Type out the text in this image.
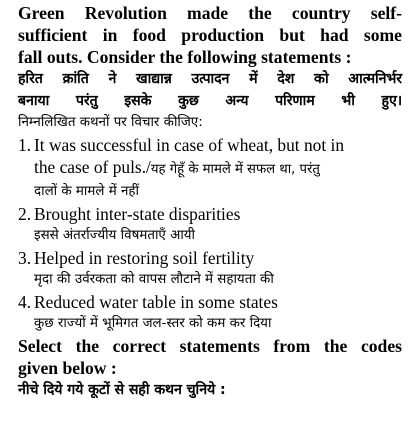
Green Revolution made the country self-

sufficient in food production but had some

fall outs. Consider the following statements :

हरित क्रांति ने खाद्यान्न उत्पादन में देश को आत्मनिर्भर

बनाया परंतु इसके कुछ अन्य परिणाम भी हुए।

निम्नलिखित कथनों पर विचार कीजिए:

1. It was successful in case of wheat, but not in
the case of puls./यह गेहूँ के मामले में सफल था, परंतु
दालों के मामले में नहीं
2. Brought inter-state disparities
इससे अंतर्राज्यीय विषमताएँ आयी
3. Helped in restoring soil fertility
मृदा की उर्वरकता को वापस लौटाने में सहायता की
4. Reduced water table in some states
कुछ राज्यों में भूमिगत जल-स्तर को कम कर दिया

Select the correct statements from the codes

given below :

नीचे दिये गये कूटों से सही कथन चुनिये :
